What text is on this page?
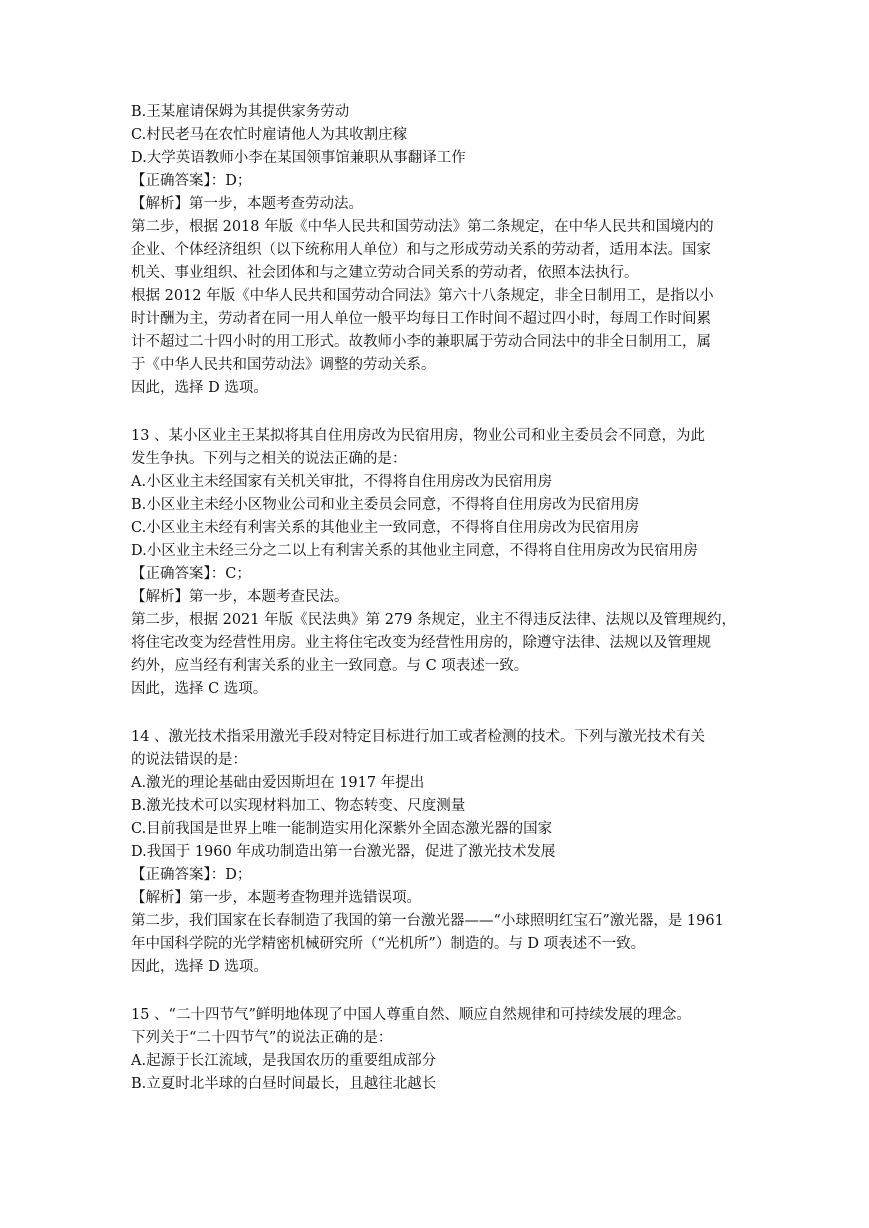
B.王某雇请保姆为其提供家务劳动
C.村民老马在农忙时雇请他人为其收割庄稼
D.大学英语教师小李在某国领事馆兼职从事翻译工作
【正确答案】：D；
【解析】第一步，本题考查劳动法。
第二步，根据 2018 年版《中华人民共和国劳动法》第二条规定，在中华人民共和国境内的
企业、个体经济组织（以下统称用人单位）和与之形成劳动关系的劳动者，适用本法。国家
机关、事业组织、社会团体和与之建立劳动合同关系的劳动者，依照本法执行。
根据 2012 年版《中华人民共和国劳动合同法》第六十八条规定，非全日制用工，是指以小
时计酬为主，劳动者在同一用人单位一般平均每日工作时间不超过四小时，每周工作时间累
计不超过二十四小时的用工形式。故教师小李的兼职属于劳动合同法中的非全日制用工，属
于《中华人民共和国劳动法》调整的劳动关系。
因此，选择 D 选项。
13 、某小区业主王某拟将其自住用房改为民宿用房，物业公司和业主委员会不同意，为此
发生争执。下列与之相关的说法正确的是：
A.小区业主未经国家有关机关审批，不得将自住用房改为民宿用房
B.小区业主未经小区物业公司和业主委员会同意，不得将自住用房改为民宿用房
C.小区业主未经有利害关系的其他业主一致同意，不得将自住用房改为民宿用房
D.小区业主未经三分之二以上有利害关系的其他业主同意，不得将自住用房改为民宿用房
【正确答案】：C；
【解析】第一步，本题考查民法。
第二步，根据 2021 年版《民法典》第 279 条规定，业主不得违反法律、法规以及管理规约，
将住宅改变为经营性用房。业主将住宅改变为经营性用房的，除遵守法律、法规以及管理规
约外，应当经有利害关系的业主一致同意。与 C 项表述一致。
因此，选择 C 选项。
14 、激光技术指采用激光手段对特定目标进行加工或者检测的技术。下列与激光技术有关
的说法错误的是：
A.激光的理论基础由爱因斯坦在 1917 年提出
B.激光技术可以实现材料加工、物态转变、尺度测量
C.目前我国是世界上唯一能制造实用化深紫外全固态激光器的国家
D.我国于 1960 年成功制造出第一台激光器，促进了激光技术发展
【正确答案】：D；
【解析】第一步，本题考查物理并选错误项。
第二步，我们国家在长春制造了我国的第一台激光器——“小球照明红宝石”激光器，是 1961
年中国科学院的光学精密机械研究所（“光机所”）制造的。与 D 项表述不一致。
因此，选择 D 选项。
15 、“二十四节气”鲜明地体现了中国人尊重自然、顺应自然规律和可持续发展的理念。
下列关于“二十四节气”的说法正确的是：
A.起源于长江流域，是我国农历的重要组成部分
B.立夏时北半球的白昼时间最长，且越往北越长
